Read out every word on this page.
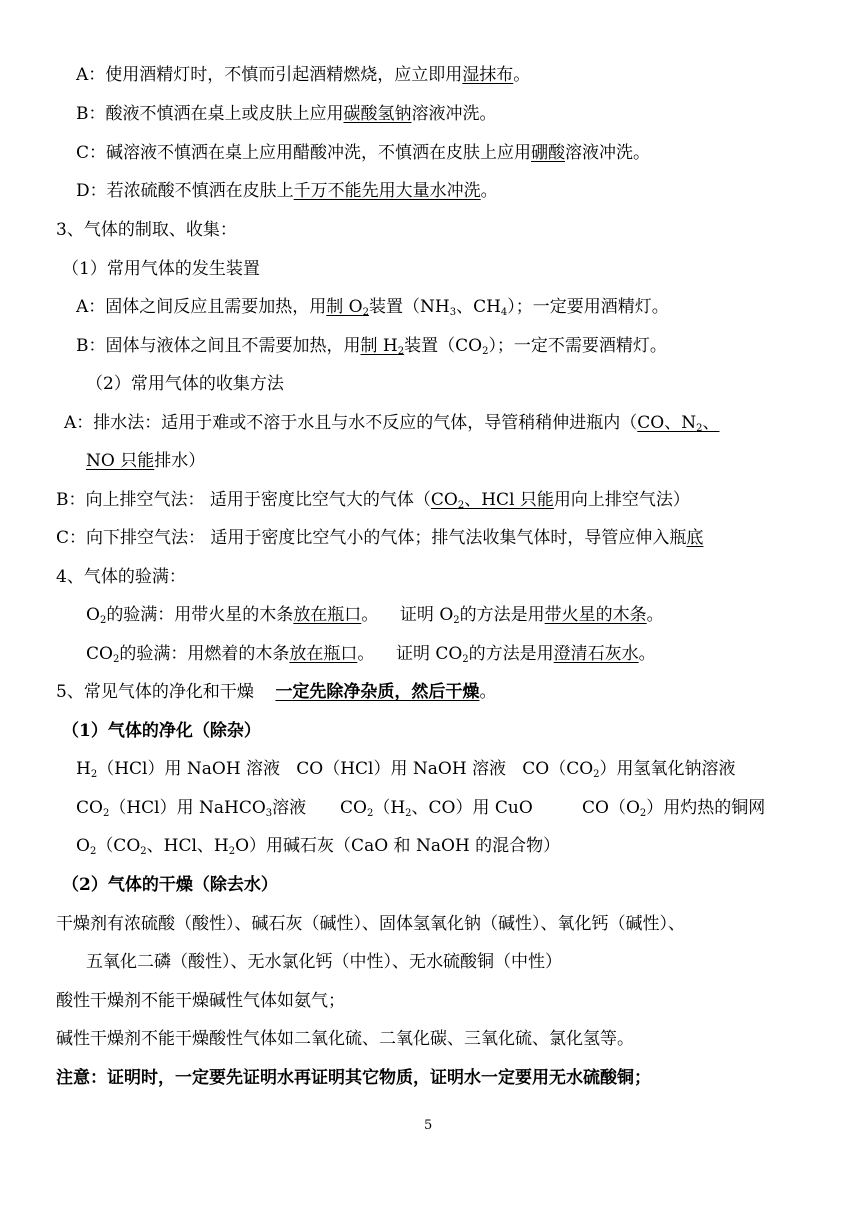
A：使用酒精灯时，不慎而引起酒精燃烧，应立即用湿抹布。
B：酸液不慎洒在桌上或皮肤上应用碳酸氢钠溶液冲洗。
C：碱溶液不慎洒在桌上应用醋酸冲洗，不慎洒在皮肤上应用硼酸溶液冲洗。
D：若浓硫酸不慎洒在皮肤上千万不能先用大量水冲洗。
3、气体的制取、收集：
（1）常用气体的发生装置
A：固体之间反应且需要加热，用制 $O_2$装置（$NH_3$、$CH_4$）；一定要用酒精灯。
B：固体与液体之间且不需要加热，用制 $H_2$装置$(CO_2)$；一定不需要酒精灯。
（2）常用气体的收集方法
A：排水法：适用于难或不溶于水且与水不反应的气体，导管稍稍伸进瓶内（CO、$N_2$、
NO 只能排水）
B：向上排空气法： 适用于密度比空气大的气体（$CO_2$、HCl 只能用向上排空气法）
C：向下排空气法： 适用于密度比空气小的气体；排气法收集气体时，导管应伸入瓶底
4、气体的验满：
$O_2$的验满：用带火星的木条放在瓶口。    证明 $O_2$的方法是用带火星的木条。
$CO_2$的验满：用燃着的木条放在瓶口。    证明 $CO_2$的方法是用澄清石灰水。
5、常见气体的净化和干燥    一定先除净杂质，然后干燥。
（1）气体的净化（除杂）
$H_2(HCl)$用 NaOH 溶液   CO（HCl）用 NaOH 溶液   $CO(CO_2)$用氢氧化钠溶液
$CO_2(HCl)$用 NaHCO$_3$溶液 $CO_2(H_2$、CO）用 CuO	$CO(O_2)$用灼热的铜网
$O_2(CO_2$、HCl、$H_2O$）用碱石灰（CaO 和 NaOH 的混合物）
（2）气体的干燥（除去水）
干燥剂有浓硫酸（酸性）、碱石灰（碱性）、固体氢氧化钠（碱性）、氧化钙（碱性）、
五氧化二磷（酸性）、无水氯化钙（中性）、无水硫酸铜（中性）
酸性干燥剂不能干燥碱性气体如氨气；
碱性干燥剂不能干燥酸性气体如二氧化硫、二氧化碳、三氧化硫、氯化氢等。
注意：证明时，一定要先证明水再证明其它物质，证明水一定要用无水硫酸铜；
5
